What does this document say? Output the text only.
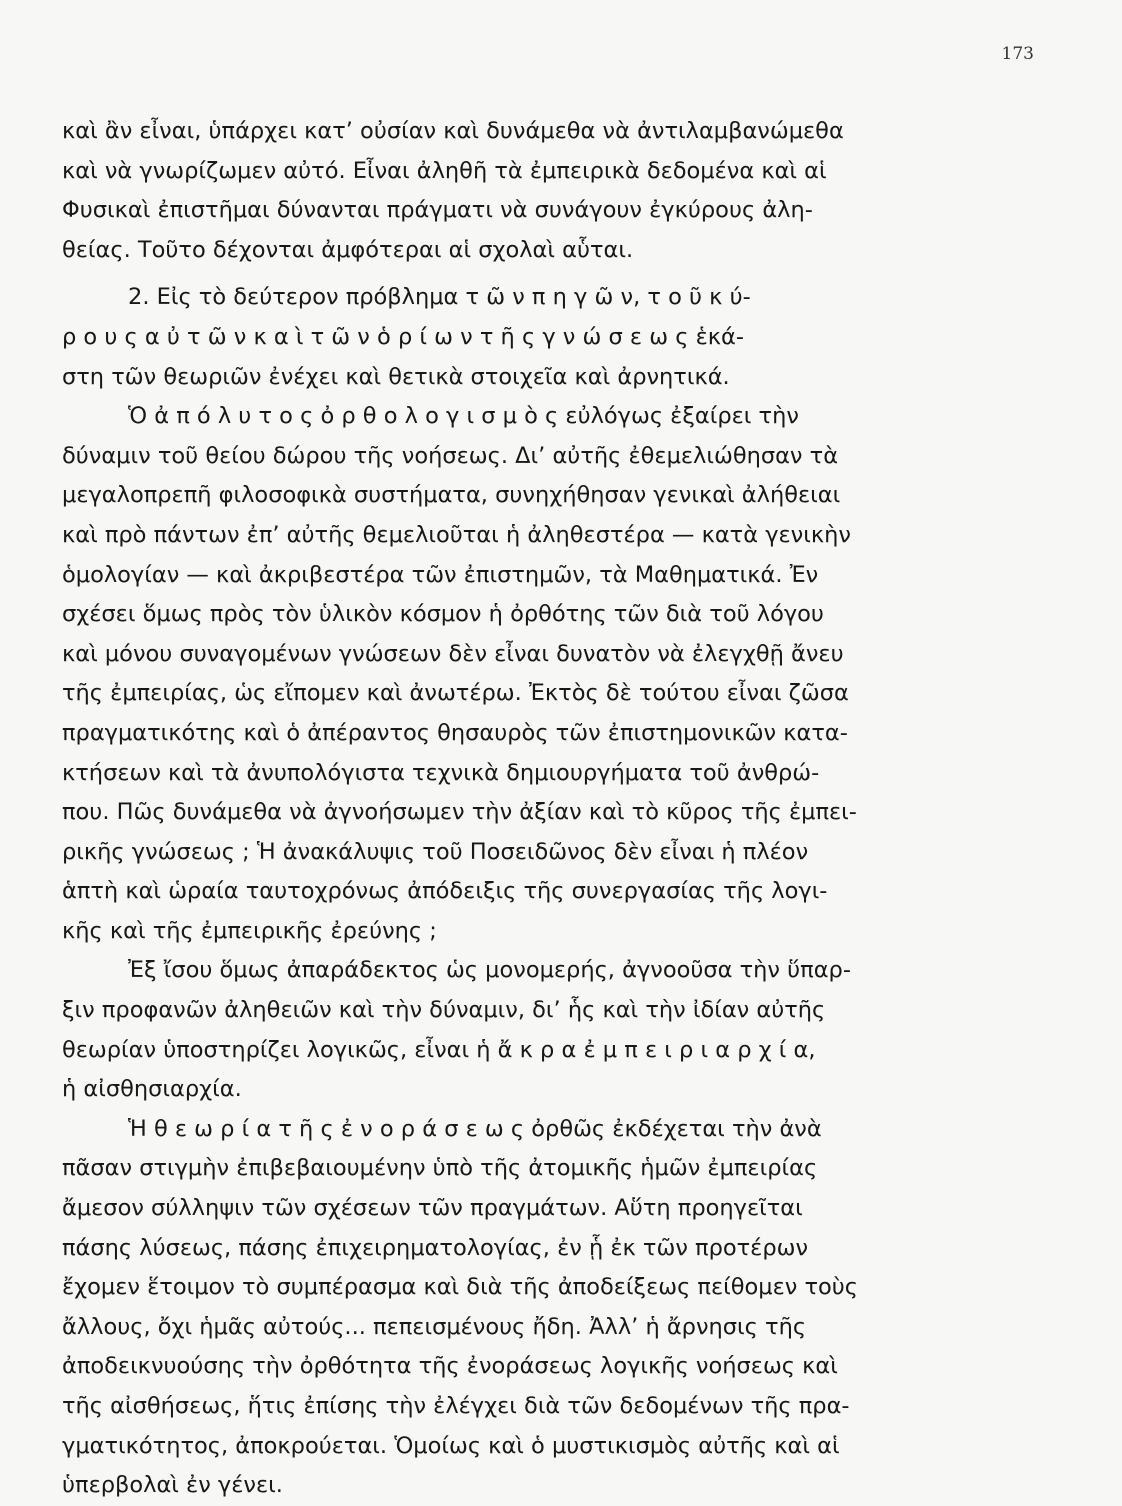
173
καὶ ἂν εἶναι, ὑπάρχει κατ’ οὐσίαν καὶ δυνάμεθα νὰ ἀντιλαμβανώμεθα
καὶ νὰ γνωρίζωμεν αὐτό. Εἶναι ἀληθῆ τὰ ἐμπειρικὰ δεδομένα καὶ αἱ
Φυσικαὶ ἐπιστῆμαι δύνανται πράγματι νὰ συνάγουν ἐγκύρους ἀλη-
θείας. Τοῦτο δέχονται ἀμφότεραι αἱ σχολαὶ αὗται.
2. Εἰς τὸ δεύτερον πρόβλημα τ ῶ ν π η γ ῶ ν, τ ο ῦ κ ύ-
ρ ο υ ς α ὐ τ ῶ ν κ α ὶ τ ῶ ν ὁ ρ ί ω ν τ ῆ ς γ ν ώ σ ε ω ς ἑκά-
στη τῶν θεωριῶν ἐνέχει καὶ θετικὰ στοιχεῖα καὶ ἀρνητικά.
Ὁ ἀ π ό λ υ τ ο ς ὀ ρ θ ο λ ο γ ι σ μ ὸ ς εὐλόγως ἐξαίρει τὴν
δύναμιν τοῦ θείου δώρου τῆς νοήσεως. Δι’ αὐτῆς ἐθεμελιώθησαν τὰ
μεγαλοπρεπῆ φιλοσοφικὰ συστήματα, συνηχήθησαν γενικαὶ ἀλήθειαι
καὶ πρὸ πάντων ἐπ’ αὐτῆς θεμελιοῦται ἡ ἀληθεστέρα — κατὰ γενικὴν
ὁμολογίαν — καὶ ἀκριβεστέρα τῶν ἐπιστημῶν, τὰ Μαθηματικά. Ἐν
σχέσει ὅμως πρὸς τὸν ὑλικὸν κόσμον ἡ ὀρθότης τῶν διὰ τοῦ λόγου
καὶ μόνου συναγομένων γνώσεων δὲν εἶναι δυνατὸν νὰ ἐλεγχθῇ ἄνευ
τῆς ἐμπειρίας, ὡς εἴπομεν καὶ ἀνωτέρω. Ἐκτὸς δὲ τούτου εἶναι ζῶσα
πραγματικότης καὶ ὁ ἀπέραντος θησαυρὸς τῶν ἐπιστημονικῶν κατα-
κτήσεων καὶ τὰ ἀνυπολόγιστα τεχνικὰ δημιουργήματα τοῦ ἀνθρώ-
που. Πῶς δυνάμεθα νὰ ἀγνοήσωμεν τὴν ἀξίαν καὶ τὸ κῦρος τῆς ἐμπει-
ρικῆς γνώσεως ; Ἡ ἀνακάλυψις τοῦ Ποσειδῶνος δὲν εἶναι ἡ πλέον
ἁπτὴ καὶ ὡραία ταυτοχρόνως ἀπόδειξις τῆς συνεργασίας τῆς λογι-
κῆς καὶ τῆς ἐμπειρικῆς ἐρεύνης ;
Ἐξ ἴσου ὅμως ἀπαράδεκτος ὡς μονομερής, ἀγνοοῦσα τὴν ὕπαρ-
ξιν προφανῶν ἀληθειῶν καὶ τὴν δύναμιν, δι’ ἧς καὶ τὴν ἰδίαν αὐτῆς
θεωρίαν ὑποστηρίζει λογικῶς, εἶναι ἡ ἄ κ ρ α ἐ μ π ε ι ρ ι α ρ χ ί α,
ἡ αἰσθησιαρχία.
Ἡ θ ε ω ρ ί α τ ῆ ς ἐ ν ο ρ ά σ ε ω ς ὀρθῶς ἐκδέχεται τὴν ἀνὰ
πᾶσαν στιγμὴν ἐπιβεβαιουμένην ὑπὸ τῆς ἀτομικῆς ἡμῶν ἐμπειρίας
ἄμεσον σύλληψιν τῶν σχέσεων τῶν πραγμάτων. Αὕτη προηγεῖται
πάσης λύσεως, πάσης ἐπιχειρηματολογίας, ἐν ᾗ ἐκ τῶν προτέρων
ἔχομεν ἕτοιμον τὸ συμπέρασμα καὶ διὰ τῆς ἀποδείξεως πείθομεν τοὺς
ἄλλους, ὄχι ἡμᾶς αὐτούς... πεπεισμένους ἤδη. Ἀλλ’ ἡ ἄρνησις τῆς
ἀποδεικνυούσης τὴν ὀρθότητα τῆς ἐνοράσεως λογικῆς νοήσεως καὶ
τῆς αἰσθήσεως, ἥτις ἐπίσης τὴν ἐλέγχει διὰ τῶν δεδομένων τῆς πρα-
γματικότητος, ἀποκρούεται. Ὁμοίως καὶ ὁ μυστικισμὸς αὐτῆς καὶ αἱ
ὑπερβολαὶ ἐν γένει.
